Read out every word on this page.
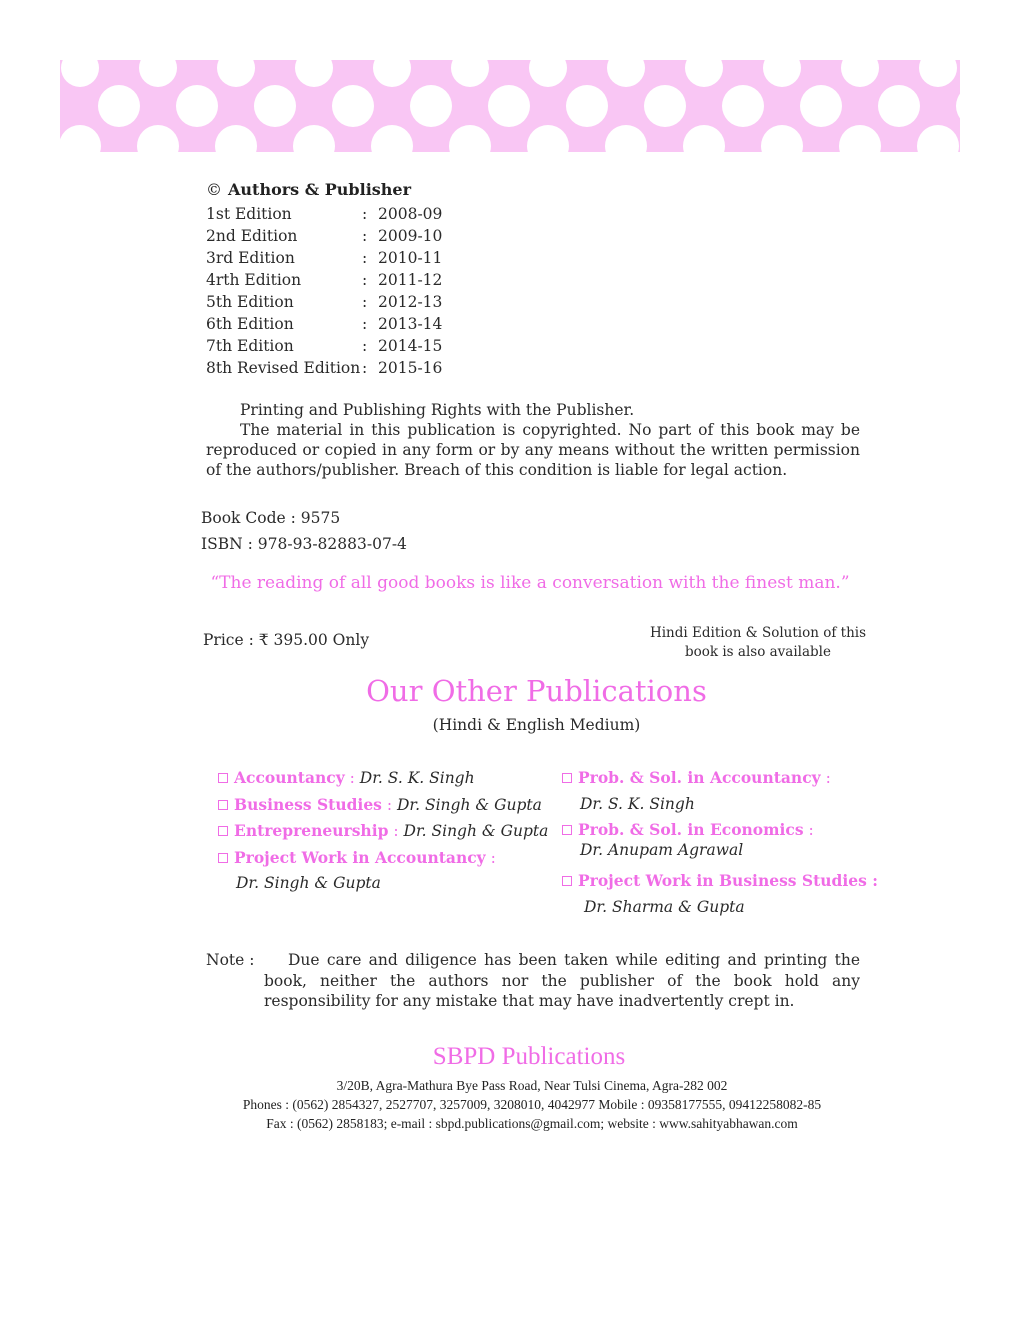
© Authors & Publisher
1st Edition	: 2008-09
2nd Edition	: 2009-10
3rd Edition	: 2010-11
4rth Edition	: 2011-12
5th Edition	: 2012-13
6th Edition	: 2013-14
7th Edition	: 2014-15
8th Revised Edition : 2015-16

Printing and Publishing Rights with the Publisher.

The material in this publication is copyrighted. No part of this book may be reproduced or copied in any form or by any means without the written permission of the authors/publisher. Breach of this condition is liable for legal action.

Book Code : 9575
ISBN : 978-93-82883-07-4
“The reading of all good books is like a conversation with the finest man.”
Price : ₹ 395.00 Only	Hindi Edition & Solution of this
book is also available
Our Other Publications
(Hindi & English Medium)
Accountancy : Dr. S. K. Singh
Business Studies : Dr. Singh & Gupta
Entrepreneurship : Dr. Singh & Gupta
Project Work in Accountancy :
Dr. Singh & Gupta
Prob. & Sol. in Accountancy :
Dr. S. K. Singh
Prob. & Sol. in Economics :
Dr. Anupam Agrawal
Project Work in Business Studies :
Dr. Sharma & Gupta
Note :	Due care and diligence has been taken while editing and printing the book, neither the authors nor the publisher of the book hold any responsibility for any mistake that may have inadvertently crept in.
SBPD Publications
3/20B, Agra-Mathura Bye Pass Road, Near Tulsi Cinema, Agra-282 002
Phones : (0562) 2854327, 2527707, 3257009, 3208010, 4042977 Mobile : 09358177555, 09412258082-85
Fax : (0562) 2858183; e-mail : sbpd.publications@gmail.com; website : www.sahityabhawan.com
